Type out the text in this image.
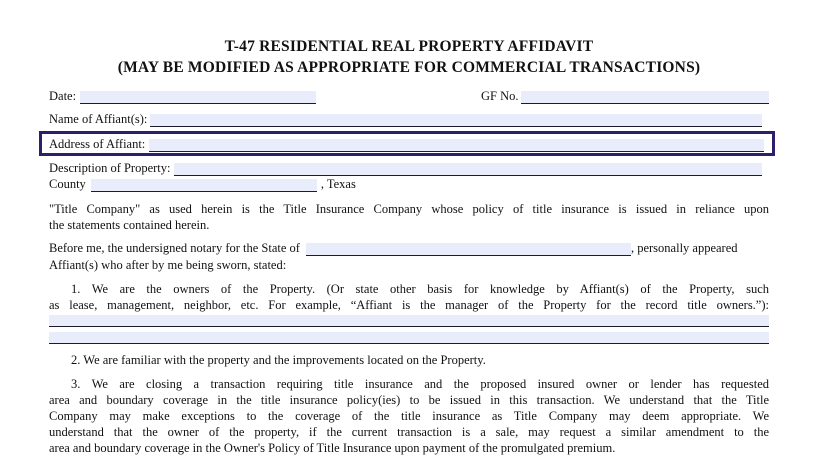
T-47 RESIDENTIAL REAL PROPERTY AFFIDAVIT
(MAY BE MODIFIED AS APPROPRIATE FOR COMMERCIAL TRANSACTIONS)
Date:	GF No.
Name of Affiant(s):
Address of Affiant:
Description of Property:
County	, Texas
"Title Company" as used herein is the Title Insurance Company whose policy of title insurance is issued in reliance upon
the statements contained herein.
Before me, the undersigned notary for the State of	, personally appeared
Affiant(s) who after by me being sworn, stated:
1. We are the owners of the Property. (Or state other basis for knowledge by Affiant(s) of the Property, such
as lease, management, neighbor, etc. For example, “Affiant is the manager of the Property for the record title owners.”):
2. We are familiar with the property and the improvements located on the Property.
3. We are closing a transaction requiring title insurance and the proposed insured owner or lender has requested
area and boundary coverage in the title insurance policy(ies) to be issued in this transaction. We understand that the Title
Company may make exceptions to the coverage of the title insurance as Title Company may deem appropriate. We
understand that the owner of the property, if the current transaction is a sale, may request a similar amendment to the
area and boundary coverage in the Owner's Policy of Title Insurance upon payment of the promulgated premium.
